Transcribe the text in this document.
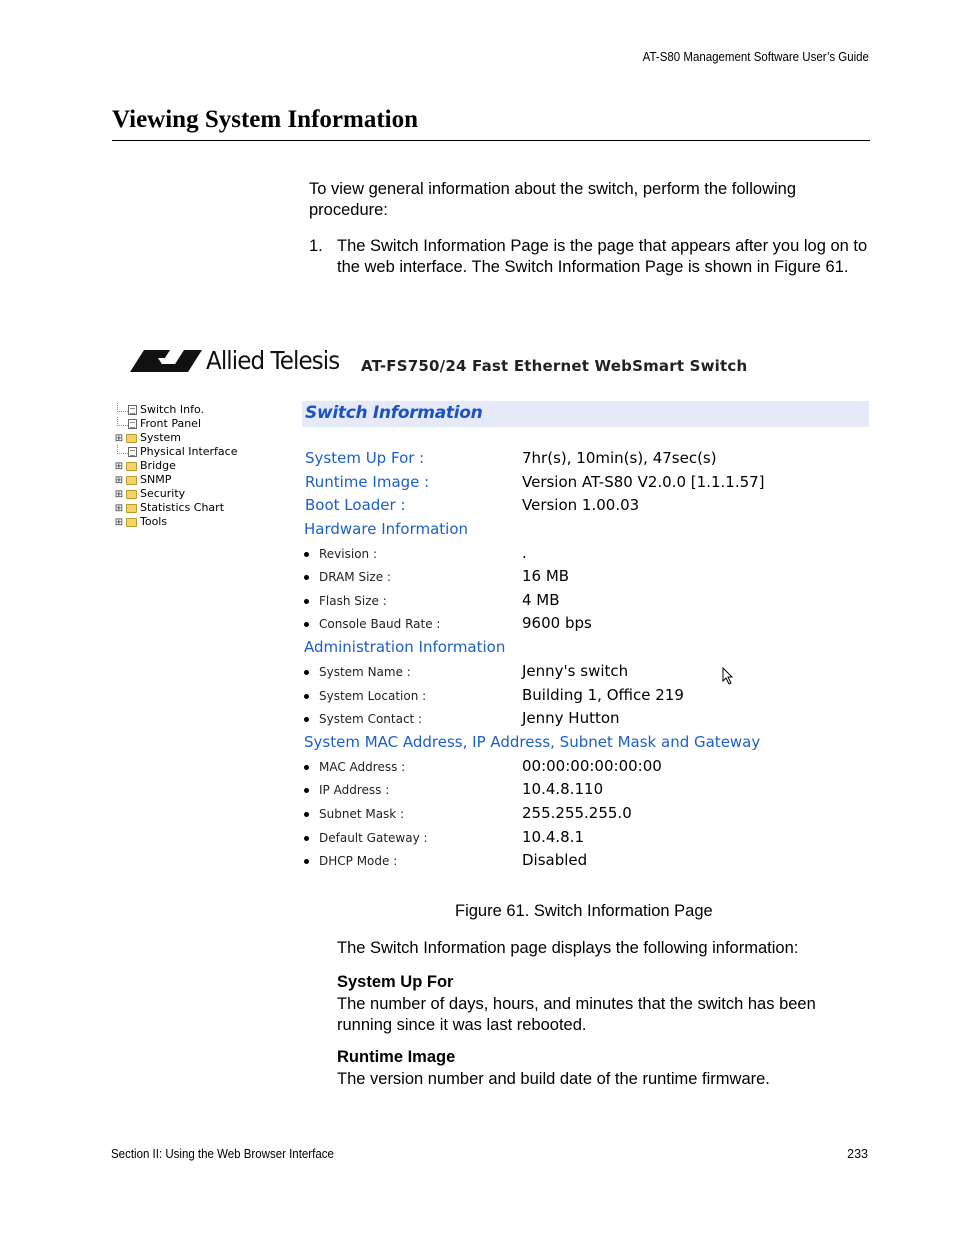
AT-S80 Management Software User’s Guide
Viewing System Information
To view general information about the switch, perform the following procedure:
1. The Switch Information Page is the page that appears after you log on to the web interface. The Switch Information Page is shown in Figure 61.
Allied Telesis AT-FS750/24 Fast Ethernet WebSmart Switch
Switch Info.
Front Panel
⊞ System
Physical Interface
⊞ Bridge
⊞ SNMP
⊞ Security
⊞ Statistics Chart
⊞ Tools
Switch Information
System Up For :	7hr(s), 10min(s), 47sec(s)
Runtime Image :	Version AT-S80 V2.0.0 [1.1.1.57]
Boot Loader :	Version 1.00.03
Hardware Information
Revision :	.
DRAM Size :	16 MB
Flash Size :	4 MB
Console Baud Rate :	9600 bps
Administration Information
System Name :	Jenny's switch
System Location :	Building 1, Office 219
System Contact :	Jenny Hutton
System MAC Address, IP Address, Subnet Mask and Gateway
MAC Address :	00:00:00:00:00:00
IP Address :	10.4.8.110
Subnet Mask :	255.255.255.0
Default Gateway :	10.4.8.1
DHCP Mode :	Disabled
Figure 61. Switch Information Page
The Switch Information page displays the following information:
System Up For
The number of days, hours, and minutes that the switch has been running since it was last rebooted.
Runtime Image
The version number and build date of the runtime firmware.
Section II: Using the Web Browser Interface	233
